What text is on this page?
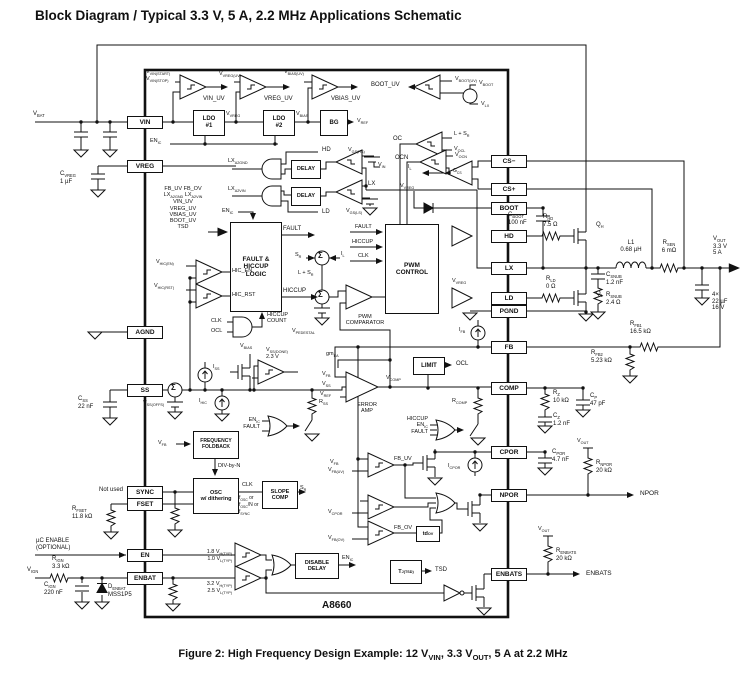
Block Diagram / Typical 3.3 V, 5 A, 2.2 MHz Applications Schematic
VIN
VREG
AGND
SS
SYNC
FSET
EN
ENBAT
CS−
CS+
BOOT
HD
LX
LD
PGND
FB
COMP
CPOR
NPOR
ENBATS
LDO
#1
LDO
#2
BG
DELAY
DELAY
FAULT &
HICCUP
LOGIC
PWM
CONTROL
LIMIT
FREQUENCY
FOLDBACK
OSC
w/ dithering
SLOPE
COMP
DISABLE
DELAY	T J(TSD)
td OV
$V_{BAT}$
$C_{VREG}$
1 µF
$C_{SS}$
22 nF
Not used
$R_{FSET}$
11.8 kΩ
µC ENABLE
(OPTIONAL)
$V_{IGN}$
$R_{IGN}$
3.3 kΩ
$C_{IGN}$
220 nF
$D_{ENBAT}$
MSS1P5
$V_{VIN(START)}$
$V_{VIN(STOP)}$
VIN_UV
$V_{VREG(UV)}$
VREG_UV
$V_{BIAS(UV)}$
VBIAS_UV
BOOT_UV
$V_{BOOT(UV)}$ $V_{BOOT}$
$V_{LX}$
$V_{VREG}$	$V_{BIAS}$
$V_{REF}$
$EN_{IC}$
OC
OCN
$L + S_R$
$V_{OCL}$
$V_{OCN}$
$I_L$	$G_{CS}$
$LX_{A2GND}$
$LX_{A2VIN}$
HD
LD
$V_{GS(HS)}$
$V_{IN}$
LX
$V_{GS(LS)}$
$EN_{IC}$
FB_UV FB_OV
$LX_{A2GND}$ $LX_{A2VIN}$
VIN_UV
VREG_UV
VBIAS_UV
BOOT_UV
TSD	FAULT
HICCUP
HIC_EN
HIC_RST
$V_{HIC(EN)}$
$V_{HIC(RST)}$
CLK
OCL
HICCUP
COUNT
$S_R$
$I_L$
$L + S_R$
$V_{PEDESTAL}$
PWM
COMPARATOR
FAULT
HICCUP
CLK
$V_{VREG}$
$V_{VREG}$
$Q_H$
$R_{HD}$
7.5 Ω
$C_{BOOT}$
100 nF
$Q_L$
$R_{LD}$
0 Ω
L1
0.68 µH
$R_{SEN}$
6 mΩ
$V_{OUT}$
3.3 V
5 A
4×
22 µF
16 V
$C_{SNUB}$
1.2 nF
$R_{SNUB}$
2.4 Ω
$R_{FB1}$
16.5 kΩ
$R_{FB2}$
5.23 kΩ
$gm_{EA}$
$V_{FB}$
$V_{SS}$
$V_{REF}$
ERROR
AMP
$V_{COMP}$
$R_{SS}$
$I_{FB}$
OCL
$R_{COMP}$
HICCUP
$EN_{IC}$
FAULT
$R_Z$
10 kΩ
$C_Z$
1.2 nF
$C_P$
47 pF
$V_{BIAS}$	$V_{SS(DONE)}$
2.3 V
$I_{SS}$
$I_{HIC}$
$V_{SS(OFFS)}$
$EN_{IC}$
FAULT
$V_{FB}$
DIV-by-N
CLK
$f_{OSC}$ or
$f_{OSC}/N$ or
$f_{SYNC}$
$S_R$
1.8 $V_{H(TYP)}$
1.0 $V_{L(TYP)}$
3.2 $V_{H(TYP)}$
2.5 $V_{L(TYP)}$
$EN_{IC}$
TSD
$V_{FB}$
$V_{FB(UV)}$
FB_UV
$I_{CPOR}$
$V_{CPOR}$
$V_{FB(OV)}$
FB_OV
$C_{POR}$
4.7 nF
$V_{OUT}$
$R_{NPOR}$
20 kΩ
NPOR
$V_{OUT}$
$R_{ENBATS}$
20 kΩ
ENBATS
A8660
Σ
Σ
Σ
Figure 2: High Frequency Design Example: 12 $V_{VIN}$, 3.3 $V_{OUT}$, 5 A at 2.2 MHz
